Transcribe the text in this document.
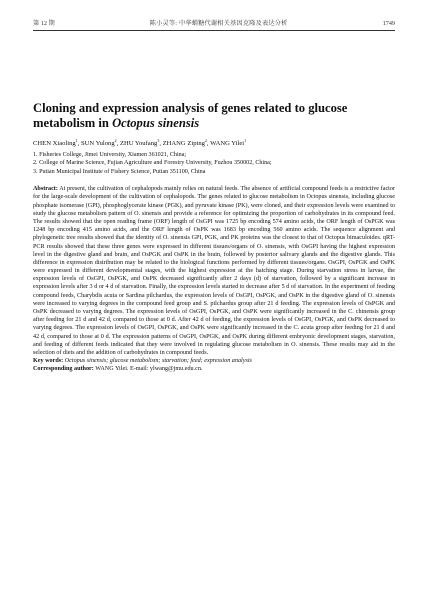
第 12 期	陈小灵等: 中华蛸糖代谢相关基因克隆及表达分析	1749
Cloning and expression analysis of genes related to glucose metabolism in Octopus sinensis
CHEN Xiaoling$^1$, SUN Yulong$^2$, ZHU Youfang$^3$, ZHANG Ziping$^2$, WANG Yilei$^1$
1. Fisheries College, Jimei University, Xiamen 361021, China;
2. College of Marine Science, Fujian Agriculture and Forestry University, Fuzhou 350002, China;
3. Putian Municipal Institute of Fishery Science, Putian 351100, China
Abstract: At present, the cultivation of cephalopods mainly relies on natural feeds. The absence of artificial compound feeds is a restrictive factor for the large-scale development of the cultivation of cephalopods. The genes related to glucose metabolism in Octopus sinensis, including glucose phosphate isomerase (GPI), phosphoglycerate kinase (PGK), and pyruvate kinase (PK), were cloned, and their expression levels were examined to study the glucose metabolism pattern of O. sinensis and provide a reference for optimizing the proportion of carbohydrates in its compound feed. The results showed that the open reading frame (ORF) length of OsGPI was 1725 bp encoding 574 amino acids, the ORF length of OsPGK was 1248 bp encoding 415 amino acids, and the ORF length of OsPK was 1683 bp encoding 560 amino acids. The sequence alignment and phylogenetic tree results showed that the identity of O. sinensis GPI, PGK, and PK proteins was the closest to that of Octopus bimaculoides. qRT-PCR results showed that these three genes were expressed in different tissues/organs of O. sinensis, with OsGPI having the highest expression level in the digestive gland and brain, and OsPGK and OsPK in the brain, followed by posterior salivary glands and the digestive glands. This difference in expression distribution may be related to the biological functions performed by different tissues/organs. OsGPI, OsPGK and OsPK were expressed in different developmental stages, with the highest expression at the hatching stage. During starvation stress in larvae, the expression levels of OsGPI, OsPGK, and OsPK decreased significantly after 2 days (d) of starvation, followed by a significant increase in expression levels after 3 d or 4 d of starvation. Finally, the expression levels started to decrease after 5 d of starvation. In the experiment of feeding compound feeds, Charybdis acuta or Sardina pilchardus, the expression levels of OsGPI, OsPGK, and OsPK in the digestive gland of O. sinensis were increased to varying degrees in the compound feed group and S. pilchardus group after 21 d feeding. The expression levels of OsPGK and OsPK decreased to varying degrees. The expression levels of OsGPI, OsPGK, and OsPK were significantly increased in the C. chinensis group after feeding for 21 d and 42 d, compared to those at 0 d. After 42 d of feeding, the expression levels of OsGPI, OsPGK, and OsPK decreased to varying degrees. The expression levels of OsGPI, OsPGK, and OsPK were significantly increased in the C. acuta group after feeding for 21 d and 42 d, compared to those at 0 d. The expression patterns of OsGPI, OsPGK, and OsPK during different embryonic development stages, starvation, and feeding of different feeds indicated that they were involved in regulating glucose metabolism in O. sinensis. These results may aid in the selection of diets and the addition of carbohydrates in compound feeds.
Key words: Octopus sinensis; glucose metabolism; starvation; feed; expression analysis
Corresponding author: WANG Yilei. E-mail: ylwang@jmu.edu.cn.
